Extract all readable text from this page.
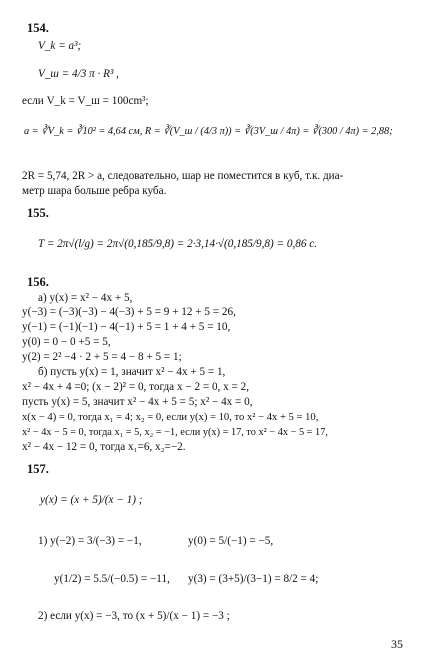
154.
V_k = a³;
V_ш = 4/3 π · R³ ,
если V_k = V_ш = 100cm³;
a = ∛V_k = ∛10² = 4,64 см, R = ∛(V_ш / (4/3 π)) = ∛(3V_ш / 4π) = ∛(300 / 4π) = 2,88;
2R = 5,74, 2R > a, следовательно, шар не поместится в куб, т.к. диа-
метр шара больше ребра куба.
155.
T = 2π√(l/g) = 2π√(0,185/9,8) = 2·3,14·√(0,185/9,8) = 0,86 с.
156.
а) y(x) = x² − 4x + 5,
y(−3) = (−3)(−3) − 4(−3) + 5 = 9 + 12 + 5 = 26,
y(−1) = (−1)(−1) − 4(−1) + 5 = 1 + 4 + 5 = 10,
y(0) = 0 − 0 +5 = 5,
y(2) = 2² −4 · 2 + 5 = 4 − 8 + 5 = 1;
б) пусть y(x) = 1, значит x² − 4x + 5 = 1,
x² − 4x + 4 =0; (x − 2)² = 0, тогда x − 2 = 0, x = 2,
пусть y(x) = 5, значит x² − 4x + 5 = 5; x² − 4x = 0,
x(x − 4) = 0, тогда x₁ = 4; x₂ = 0, если y(x) = 10, то x² − 4x + 5 = 10,
x² − 4x − 5 = 0, тогда x₁ = 5, x₂ = −1, если y(x) = 17, то x² − 4x − 5 = 17,
x² − 4x − 12 = 0, тогда x₁=6, x₂=−2.
157.
y(x) = (x + 5)/(x − 1) ;
1) y(−2) = 3/(−3) = −1,	y(0) = 5/(−1) = −5,
y(1/2) = 5.5/(−0.5) = −11, y(3) = (3+5)/(3−1) = 8/2 = 4;
2) если y(x) = −3, то (x + 5)/(x − 1) = −3 ;
35
